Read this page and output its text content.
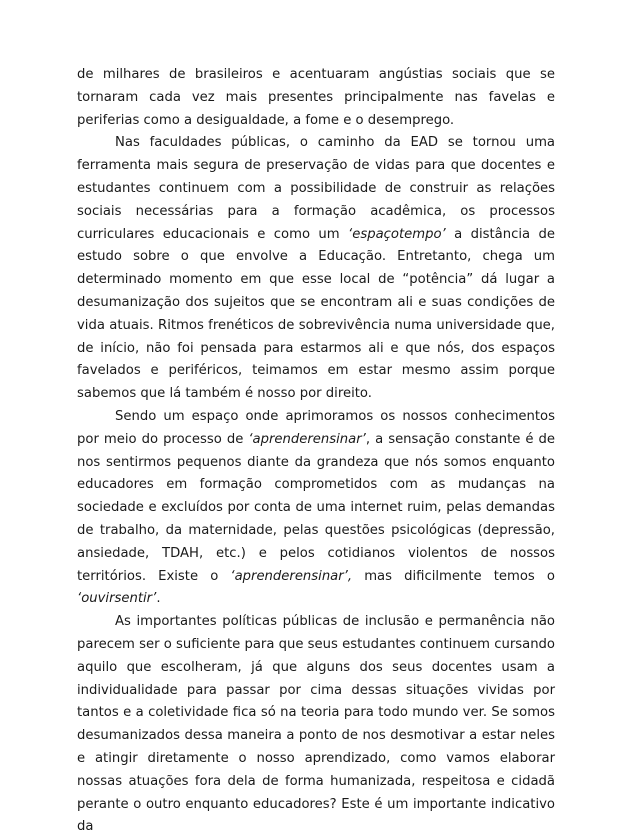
de milhares de brasileiros e acentuaram angústias sociais que se tornaram cada vez mais presentes principalmente nas favelas e periferias como a desigualdade, a fome e o desemprego.

Nas faculdades públicas, o caminho da EAD se tornou uma ferramenta mais segura de preservação de vidas para que docentes e estudantes continuem com a possibilidade de construir as relações sociais necessárias para a formação acadêmica, os processos curriculares educacionais e como um ‘espaçotempo’ a distância de estudo sobre o que envolve a Educação. Entretanto, chega um determinado momento em que esse local de “potência” dá lugar a desumanização dos sujeitos que se encontram ali e suas condições de vida atuais. Ritmos frenéticos de sobrevivência numa universidade que, de início, não foi pensada para estarmos ali e que nós, dos espaços favelados e periféricos, teimamos em estar mesmo assim porque sabemos que lá também é nosso por direito.

Sendo um espaço onde aprimoramos os nossos conhecimentos por meio do processo de ‘aprenderensinar’, a sensação constante é de nos sentirmos pequenos diante da grandeza que nós somos enquanto educadores em formação comprometidos com as mudanças na sociedade e excluídos por conta de uma internet ruim, pelas demandas de trabalho, da maternidade, pelas questões psicológicas (depressão, ansiedade, TDAH, etc.) e pelos cotidianos violentos de nossos territórios. Existe o ‘aprenderensinar’, mas dificilmente temos o ‘ouvirsentir’.

As importantes políticas públicas de inclusão e permanência não parecem ser o suficiente para que seus estudantes continuem cursando aquilo que escolheram, já que alguns dos seus docentes usam a individualidade para passar por cima dessas situações vividas por tantos e a coletividade fica só na teoria para todo mundo ver. Se somos desumanizados dessa maneira a ponto de nos desmotivar a estar neles e atingir diretamente o nosso aprendizado, como vamos elaborar nossas atuações fora dela de forma humanizada, respeitosa e cidadã perante o outro enquanto educadores? Este é um importante indicativo da
